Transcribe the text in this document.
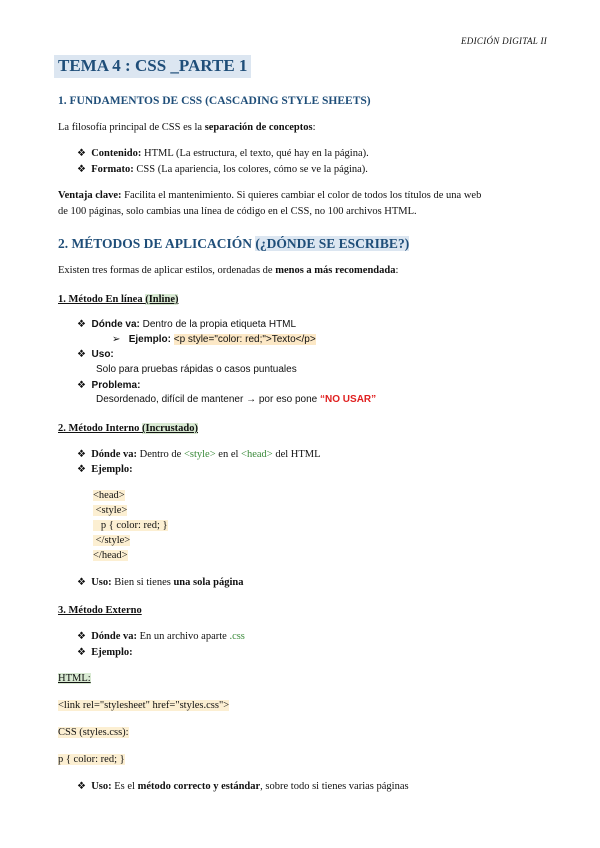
EDICIÓN DIGITAL II
TEMA 4 : CSS _PARTE 1
1. FUNDAMENTOS DE CSS (CASCADING STYLE SHEETS)
La filosofía principal de CSS es la separación de conceptos:
❖ Contenido: HTML (La estructura, el texto, qué hay en la página).
❖ Formato: CSS (La apariencia, los colores, cómo se ve la página).
Ventaja clave: Facilita el mantenimiento. Si quieres cambiar el color de todos los títulos de una web
de 100 páginas, solo cambias una línea de código en el CSS, no 100 archivos HTML.
2. MÉTODOS DE APLICACIÓN (¿DÓNDE SE ESCRIBE?)
Existen tres formas de aplicar estilos, ordenadas de menos a más recomendada:
1. Método En línea (Inline)
❖ Dónde va: Dentro de la propia etiqueta HTML
➢ Ejemplo: <p style="color: red;">Texto</p>
❖ Uso:
Solo para pruebas rápidas o casos puntuales
❖ Problema:
Desordenado, difícil de mantener → por eso pone “NO USAR”
2. Método Interno (Incrustado)
❖ Dónde va: Dentro de <style> en el <head> del HTML
❖ Ejemplo:
<head>
<style>
p { color: red; }
</style>
</head>
❖ Uso: Bien si tienes una sola página
3. Método Externo
❖ Dónde va: En un archivo aparte .css
❖ Ejemplo:
HTML:
<link rel="stylesheet" href="styles.css">
CSS (styles.css):
p { color: red; }
❖ Uso: Es el método correcto y estándar, sobre todo si tienes varias páginas
